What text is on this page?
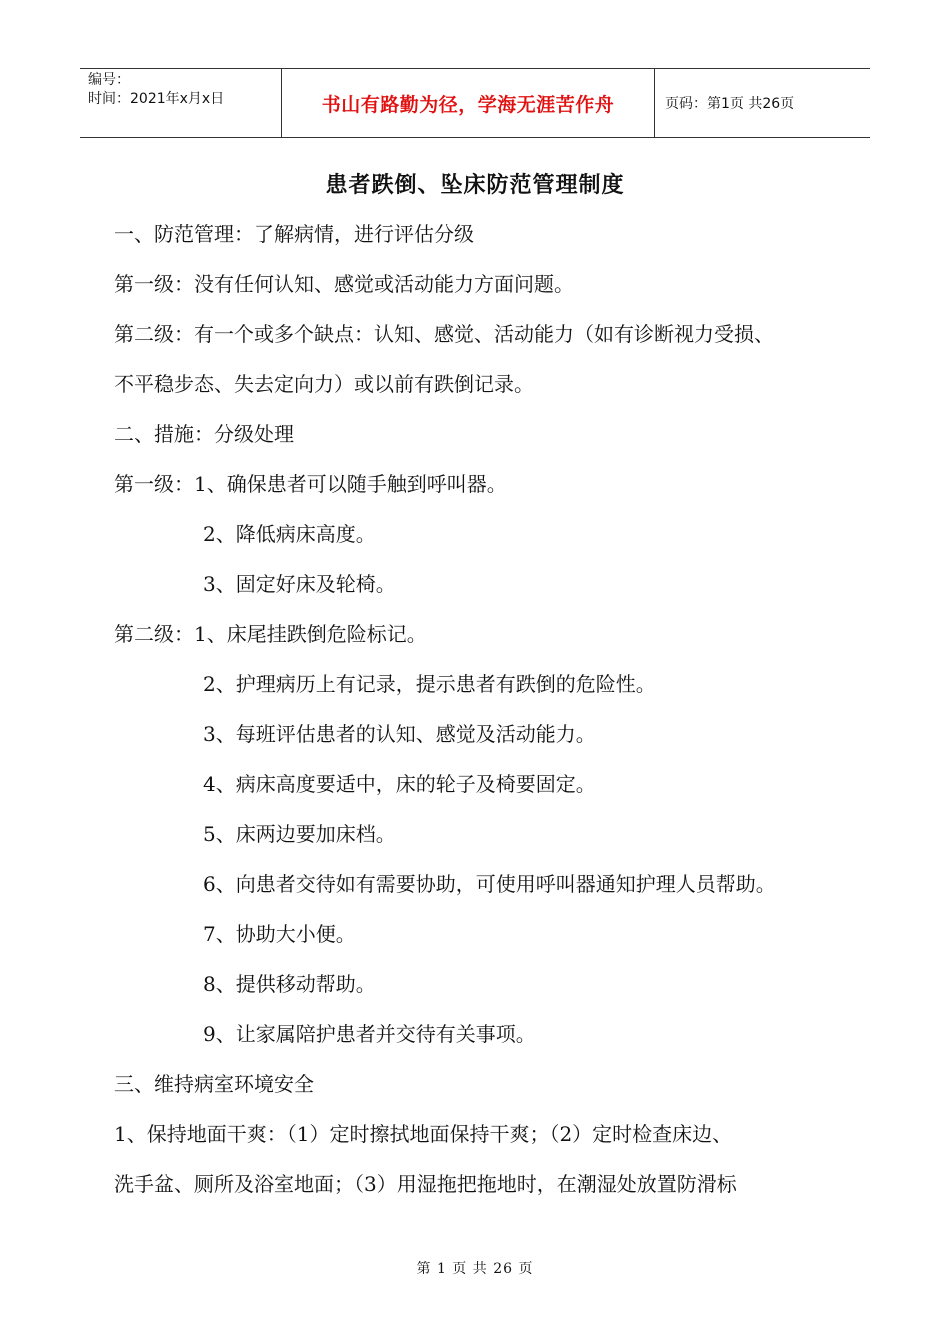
编号：
时间：2021年x月x日	书山有路勤为径，学海无涯苦作舟	页码：第1页 共26页
患者跌倒、坠床防范管理制度
一、防范管理：了解病情，进行评估分级
第一级：没有任何认知、感觉或活动能力方面问题。
第二级：有一个或多个缺点：认知、感觉、活动能力（如有诊断视力受损、
不平稳步态、失去定向力）或以前有跌倒记录。
二、措施：分级处理
第一级：1、确保患者可以随手触到呼叫器。
2、降低病床高度。
3、固定好床及轮椅。
第二级：1、床尾挂跌倒危险标记。
2、护理病历上有记录，提示患者有跌倒的危险性。
3、每班评估患者的认知、感觉及活动能力。
4、病床高度要适中，床的轮子及椅要固定。
5、床两边要加床档。
6、向患者交待如有需要协助，可使用呼叫器通知护理人员帮助。
7、协助大小便。
8、提供移动帮助。
9、让家属陪护患者并交待有关事项。
三、维持病室环境安全
1、保持地面干爽：（1）定时擦拭地面保持干爽；（2）定时检查床边、
洗手盆、厕所及浴室地面；（3）用湿拖把拖地时，在潮湿处放置防滑标
第 1 页 共 26 页
